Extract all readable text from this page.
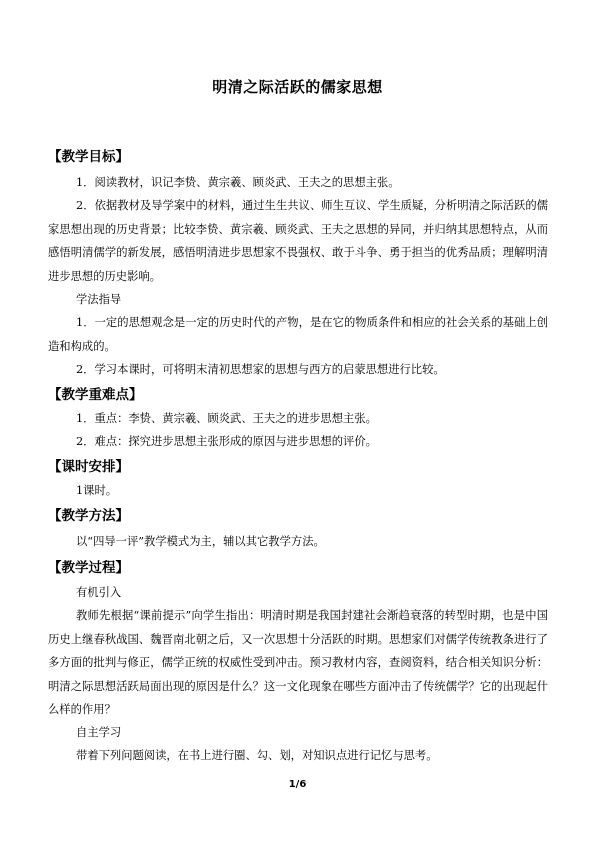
明清之际活跃的儒家思想
【教学目标】
1．阅读教材，识记李贽、黄宗羲、顾炎武、王夫之的思想主张。
2．依据教材及导学案中的材料，通过生生共议、师生互议、学生质疑，分析明清之际活跃的儒家思想出现的历史背景；比较李贽、黄宗羲、顾炎武、王夫之思想的异同，并归纳其思想特点，从而感悟明清儒学的新发展，感悟明清进步思想家不畏强权、敢于斗争、勇于担当的优秀品质；理解明清进步思想的历史影响。
学法指导
1．一定的思想观念是一定的历史时代的产物，是在它的物质条件和相应的社会关系的基础上创造和构成的。
2．学习本课时，可将明末清初思想家的思想与西方的启蒙思想进行比较。
【教学重难点】
1．重点：李贽、黄宗羲、顾炎武、王夫之的进步思想主张。
2．难点：探究进步思想主张形成的原因与进步思想的评价。
【课时安排】
1课时。
【教学方法】
以“四导一评”教学模式为主，辅以其它教学方法。
【教学过程】
有机引入
教师先根据“课前提示”向学生指出：明清时期是我国封建社会渐趋衰落的转型时期，也是中国历史上继春秋战国、魏晋南北朝之后，又一次思想十分活跃的时期。思想家们对儒学传统教条进行了多方面的批判与修正，儒学正统的权威性受到冲击。预习教材内容，查阅资料，结合相关知识分析：明清之际思想活跃局面出现的原因是什么？这一文化现象在哪些方面冲击了传统儒学？它的出现起什么样的作用？
自主学习
带着下列问题阅读，在书上进行圈、勾、划，对知识点进行记忆与思考。
1/6
